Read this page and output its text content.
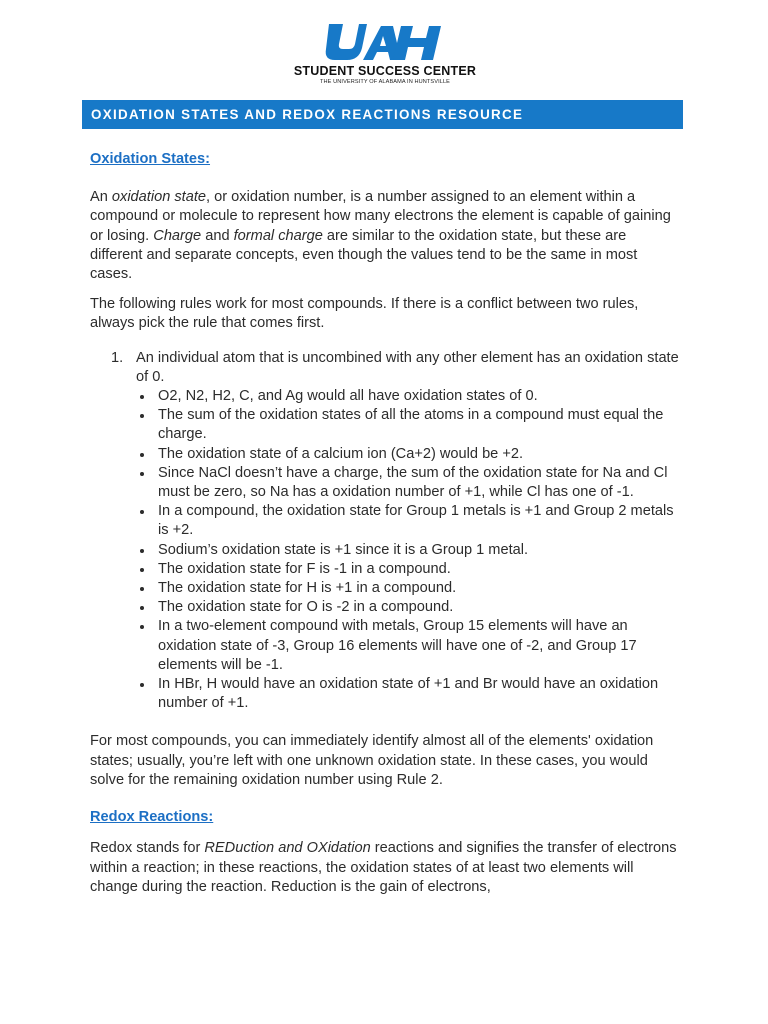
STUDENT SUCCESS CENTER
THE UNIVERSITY OF ALABAMA IN HUNTSVILLE
OXIDATION STATES AND REDOX REACTIONS RESOURCE

Oxidation States:

An oxidation state, or oxidation number, is a number assigned to an element within a compound or molecule to represent how many electrons the element is capable of gaining or losing. Charge and formal charge are similar to the oxidation state, but these are different and separate concepts, even though the values tend to be the same in most cases.

The following rules work for most compounds. If there is a conflict between two rules, always pick the rule that comes first.

1. An individual atom that is uncombined with any other element has an oxidation state of 0.
O2, N2, H2, C, and Ag would all have oxidation states of 0.
The sum of the oxidation states of all the atoms in a compound must equal the charge.
The oxidation state of a calcium ion (Ca+2) would be +2.
Since NaCl doesn’t have a charge, the sum of the oxidation state for Na and Cl must be zero, so Na has a oxidation number of +1, while Cl has one of -1.
In a compound, the oxidation state for Group 1 metals is +1 and Group 2 metals is +2.
Sodium’s oxidation state is +1 since it is a Group 1 metal.
The oxidation state for F is -1 in a compound.
The oxidation state for H is +1 in a compound.
The oxidation state for O is -2 in a compound.
In a two-element compound with metals, Group 15 elements will have an oxidation state of -3, Group 16 elements will have one of -2, and Group 17 elements will be -1.
In HBr, H would have an oxidation state of +1 and Br would have an oxidation number of +1.

For most compounds, you can immediately identify almost all of the elements' oxidation states; usually, you’re left with one unknown oxidation state. In these cases, you would solve for the remaining oxidation number using Rule 2.

Redox Reactions:

Redox stands for REDuction and OXidation reactions and signifies the transfer of electrons within a reaction; in these reactions, the oxidation states of at least two elements will change during the reaction. Reduction is the gain of electrons,
